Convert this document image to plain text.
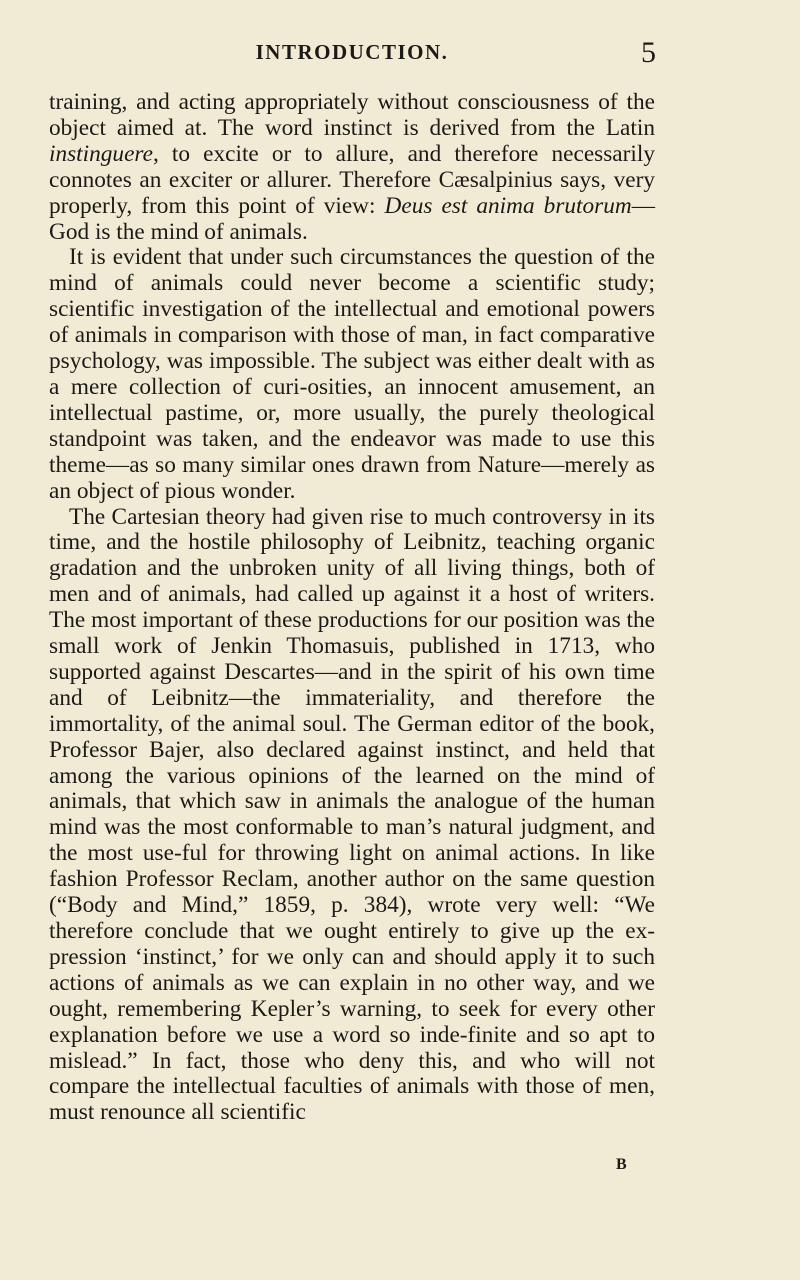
INTRODUCTION.	5

training, and acting appropriately without consciousness of the object aimed at. The word instinct is derived from the Latin instinguere, to excite or to allure, and therefore necessarily connotes an exciter or allurer. Therefore Cæsalpinius says, very properly, from this point of view: Deus est anima brutorum—God is the mind of animals.

It is evident that under such circumstances the question of the mind of animals could never become a scientific study; scientific investigation of the intellectual and emotional powers of animals in comparison with those of man, in fact comparative psychology, was impossible. The subject was either dealt with as a mere collection of curi-osities, an innocent amusement, an intellectual pastime, or, more usually, the purely theological standpoint was taken, and the endeavor was made to use this theme—as so many similar ones drawn from Nature—merely as an object of pious wonder.

The Cartesian theory had given rise to much controversy in its time, and the hostile philosophy of Leibnitz, teaching organic gradation and the unbroken unity of all living things, both of men and of animals, had called up against it a host of writers. The most important of these productions for our position was the small work of Jenkin Thomasuis, published in 1713, who supported against Descartes—and in the spirit of his own time and of Leibnitz—the immateriality, and therefore the immortality, of the animal soul. The German editor of the book, Professor Bajer, also declared against instinct, and held that among the various opinions of the learned on the mind of animals, that which saw in animals the analogue of the human mind was the most conformable to man’s natural judgment, and the most use-ful for throwing light on animal actions. In like fashion Professor Reclam, another author on the same question (“Body and Mind,” 1859, p. 384), wrote very well: “We therefore conclude that we ought entirely to give up the ex-pression ‘instinct,’ for we only can and should apply it to such actions of animals as we can explain in no other way, and we ought, remembering Kepler’s warning, to seek for every other explanation before we use a word so inde-finite and so apt to mislead.” In fact, those who deny this, and who will not compare the intellectual faculties of animals with those of men, must renounce all scientific

B
